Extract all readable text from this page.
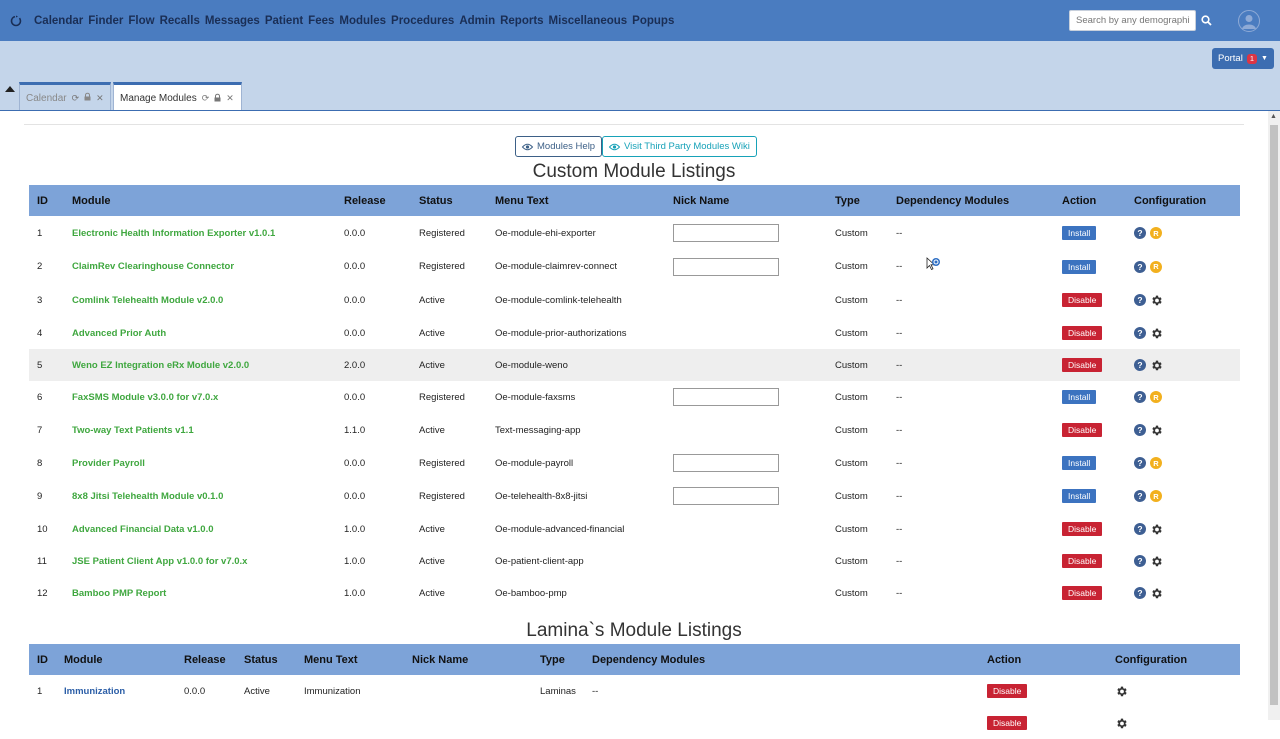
Calendar Finder Flow Recalls Messages Patient Fees Modules Procedures Admin Reports Miscellaneous Popups
Search by any demographics
Portal 1	▼
Calendar ⟳ ✕ Manage Modules ⟳ ✕
Modules Help	Visit Third Party Modules Wiki
Custom Module Listings
ID	Module	Release	Status	Menu Text	Nick Name	Type	Dependency Modules	Action	Configuration
1	Electronic Health Information Exporter v1.0.1	0.0.0	Registered	Oe-module-ehi-exporter		Custom	--	Install	? R

2	ClaimRev Clearinghouse Connector	0.0.0	Registered	Oe-module-claimrev-connect		Custom	--	Install	? R

3	Comlink Telehealth Module v2.0.0	0.0.0	Active	Oe-module-comlink-telehealth		Custom	--	Disable	?

4	Advanced Prior Auth	0.0.0	Active	Oe-module-prior-authorizations		Custom	--	Disable	?

5	Weno EZ Integration eRx Module v2.0.0	2.0.0	Active	Oe-module-weno		Custom	--	Disable	?

6	FaxSMS Module v3.0.0 for v7.0.x	0.0.0	Registered	Oe-module-faxsms		Custom	--	Install	? R

7	Two-way Text Patients v1.1	1.1.0	Active	Text-messaging-app		Custom	--	Disable	?

8	Provider Payroll	0.0.0	Registered	Oe-module-payroll		Custom	--	Install	? R

9	8x8 Jitsi Telehealth Module v0.1.0	0.0.0	Registered	Oe-telehealth-8x8-jitsi		Custom	--	Install	? R

10	Advanced Financial Data v1.0.0	1.0.0	Active	Oe-module-advanced-financial		Custom	--	Disable	?

11	JSE Patient Client App v1.0.0 for v7.0.x	1.0.0	Active	Oe-patient-client-app		Custom	--	Disable	?

12	Bamboo PMP Report	1.0.0	Active	Oe-bamboo-pmp		Custom	--	Disable	?
Lamina`s Module Listings
ID	Module	Release	Status	Menu Text	Nick Name	Type	Dependency Modules	Action	Configuration
1	Immunization	0.0.0	Active	Immunization		Laminas	--	Disable	

								Disable	
▲
